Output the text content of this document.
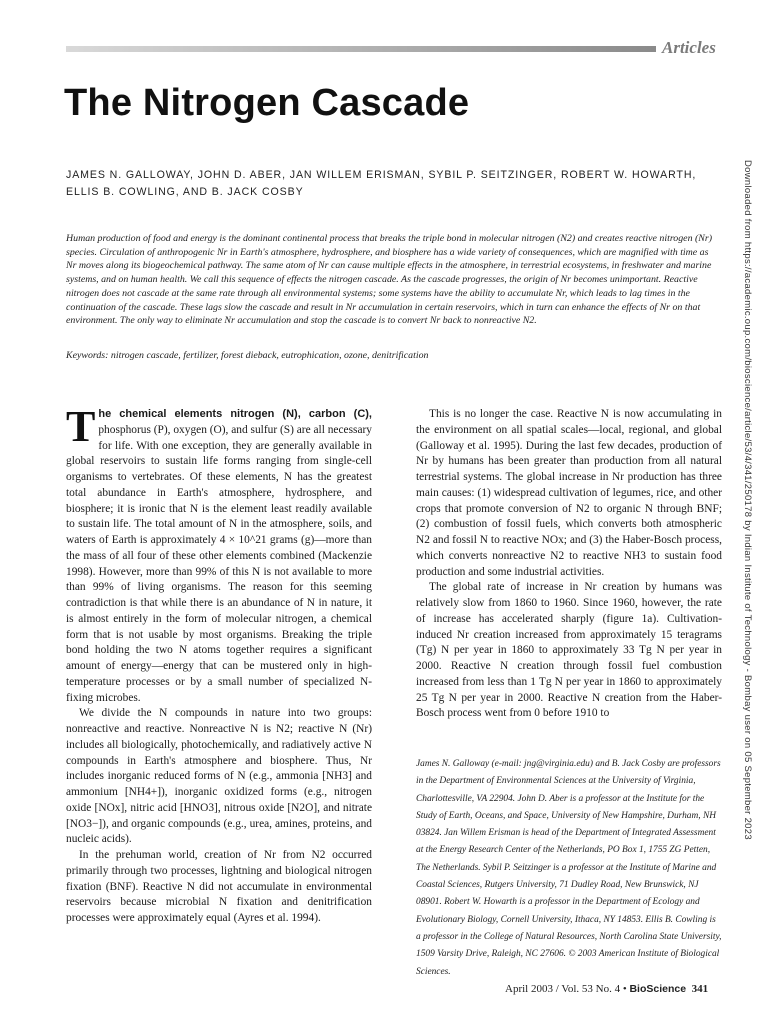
Articles
The Nitrogen Cascade
JAMES N. GALLOWAY, JOHN D. ABER, JAN WILLEM ERISMAN, SYBIL P. SEITZINGER, ROBERT W. HOWARTH,
ELLIS B. COWLING, AND B. JACK COSBY
Human production of food and energy is the dominant continental process that breaks the triple bond in molecular nitrogen (N2) and creates reactive nitrogen (Nr) species. Circulation of anthropogenic Nr in Earth's atmosphere, hydrosphere, and biosphere has a wide variety of consequences, which are magnified with time as Nr moves along its biogeochemical pathway. The same atom of Nr can cause multiple effects in the atmosphere, in terrestrial ecosystems, in freshwater and marine systems, and on human health. We call this sequence of effects the nitrogen cascade. As the cascade progresses, the origin of Nr becomes unimportant. Reactive nitrogen does not cascade at the same rate through all environmental systems; some systems have the ability to accumulate Nr, which leads to lag times in the continuation of the cascade. These lags slow the cascade and result in Nr accumulation in certain reservoirs, which in turn can enhance the effects of Nr on that environment. The only way to eliminate Nr accumulation and stop the cascade is to convert Nr back to nonreactive N2.
Keywords: nitrogen cascade, fertilizer, forest dieback, eutrophication, ozone, denitrification

The chemical elements nitrogen (N), carbon (C), phosphorus (P), oxygen (O), and sulfur (S) are all necessary for life. With one exception, they are generally available in global reservoirs to sustain life forms ranging from single-cell organisms to vertebrates. Of these elements, N has the greatest total abundance in Earth's atmosphere, hydrosphere, and biosphere; it is ironic that N is the element least readily available to sustain life. The total amount of N in the atmosphere, soils, and waters of Earth is approximately 4 × 10^21 grams (g)—more than the mass of all four of these other elements combined (Mackenzie 1998). However, more than 99% of this N is not available to more than 99% of living organisms. The reason for this seeming contradiction is that while there is an abundance of N in nature, it is almost entirely in the form of molecular nitrogen, a chemical form that is not usable by most organisms. Breaking the triple bond holding the two N atoms together requires a significant amount of energy—energy that can be mustered only in high-temperature processes or by a small number of specialized N-fixing microbes.

We divide the N compounds in nature into two groups: nonreactive and reactive. Nonreactive N is N2; reactive N (Nr) includes all biologically, photochemically, and radiatively active N compounds in Earth's atmosphere and biosphere. Thus, Nr includes inorganic reduced forms of N (e.g., ammonia [NH3] and ammonium [NH4+]), inorganic oxidized forms (e.g., nitrogen oxide [NOx], nitric acid [HNO3], nitrous oxide [N2O], and nitrate [NO3−]), and organic compounds (e.g., urea, amines, proteins, and nucleic acids).

In the prehuman world, creation of Nr from N2 occurred primarily through two processes, lightning and biological nitrogen fixation (BNF). Reactive N did not accumulate in environmental reservoirs because microbial N fixation and denitrification processes were approximately equal (Ayres et al. 1994).

This is no longer the case. Reactive N is now accumulating in the environment on all spatial scales—local, regional, and global (Galloway et al. 1995). During the last few decades, production of Nr by humans has been greater than production from all natural terrestrial systems. The global increase in Nr production has three main causes: (1) widespread cultivation of legumes, rice, and other crops that promote conversion of N2 to organic N through BNF; (2) combustion of fossil fuels, which converts both atmospheric N2 and fossil N to reactive NOx; and (3) the Haber-Bosch process, which converts nonreactive N2 to reactive NH3 to sustain food production and some industrial activities.

The global rate of increase in Nr creation by humans was relatively slow from 1860 to 1960. Since 1960, however, the rate of increase has accelerated sharply (figure 1a). Cultivation-induced Nr creation increased from approximately 15 teragrams (Tg) N per year in 1860 to approximately 33 Tg N per year in 2000. Reactive N creation through fossil fuel combustion increased from less than 1 Tg N per year in 1860 to approximately 25 Tg N per year in 2000. Reactive N creation from the Haber-Bosch process went from 0 before 1910 to

James N. Galloway (e-mail: jng@virginia.edu) and B. Jack Cosby are professors in the Department of Environmental Sciences at the University of Virginia, Charlottesville, VA 22904. John D. Aber is a professor at the Institute for the Study of Earth, Oceans, and Space, University of New Hampshire, Durham, NH 03824. Jan Willem Erisman is head of the Department of Integrated Assessment at the Energy Research Center of the Netherlands, PO Box 1, 1755 ZG Petten, The Netherlands. Sybil P. Seitzinger is a professor at the Institute of Marine and Coastal Sciences, Rutgers University, 71 Dudley Road, New Brunswick, NJ 08901. Robert W. Howarth is a professor in the Department of Ecology and Evolutionary Biology, Cornell University, Ithaca, NY 14853. Ellis B. Cowling is a professor in the College of Natural Resources, North Carolina State University, 1509 Varsity Drive, Raleigh, NC 27606. © 2003 American Institute of Biological Sciences.
April 2003 / Vol. 53 No. 4 • BioScience 341
Downloaded from https://academic.oup.com/bioscience/article/53/4/341/250178 by Indian Institute of Technology - Bombay user on 05 September 2023
